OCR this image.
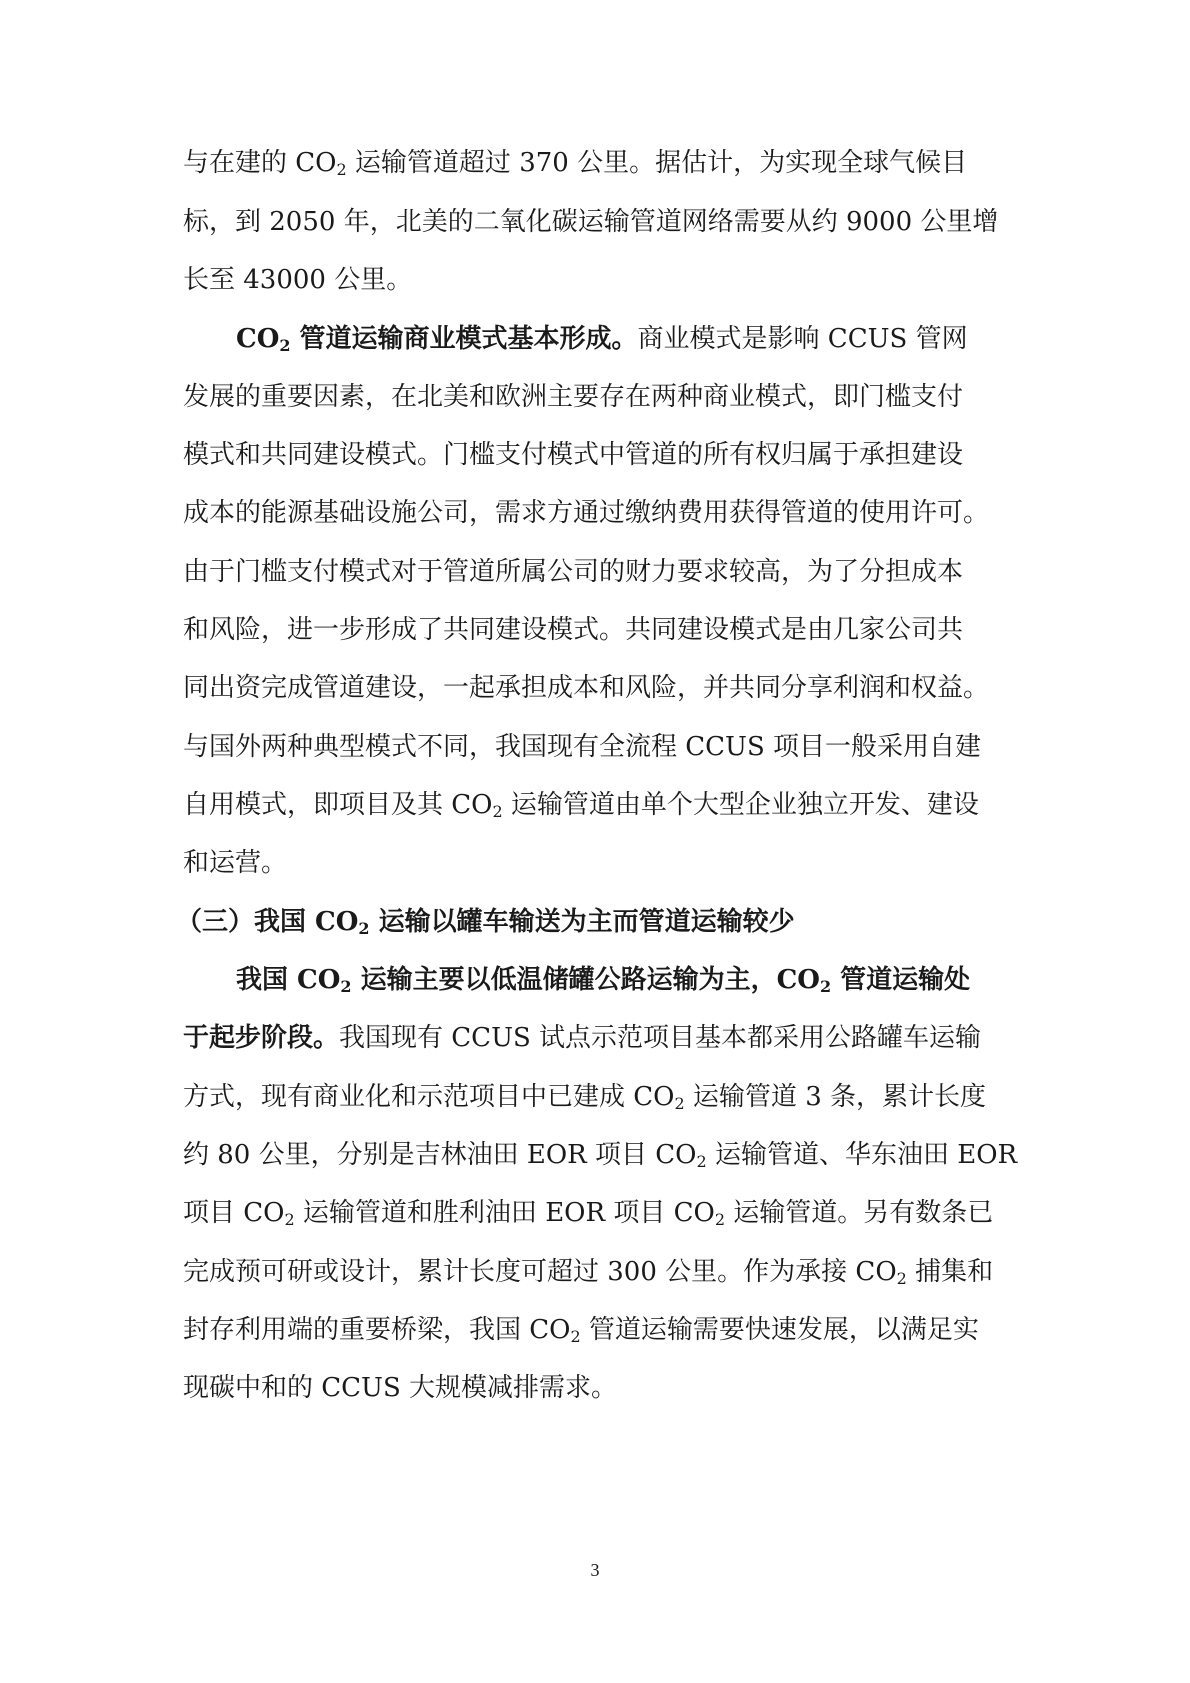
与在建的 $CO_2$ 运输管道超过 370 公里。据估计，为实现全球气候目
标，到 2050 年，北美的二氧化碳运输管道网络需要从约 9000 公里增
长至 43000 公里。
$CO_2$ 管道运输商业模式基本形成。商业模式是影响 CCUS 管网
发展的重要因素，在北美和欧洲主要存在两种商业模式，即门槛支付
模式和共同建设模式。门槛支付模式中管道的所有权归属于承担建设
成本的能源基础设施公司，需求方通过缴纳费用获得管道的使用许可。
由于门槛支付模式对于管道所属公司的财力要求较高，为了分担成本
和风险，进一步形成了共同建设模式。共同建设模式是由几家公司共
同出资完成管道建设，一起承担成本和风险，并共同分享利润和权益。
与国外两种典型模式不同，我国现有全流程 CCUS 项目一般采用自建
自用模式，即项目及其 $CO_2$ 运输管道由单个大型企业独立开发、建设
和运营。
（三）我国 $CO_2$ 运输以罐车输送为主而管道运输较少
我国 $CO_2$ 运输主要以低温储罐公路运输为主，$CO_2$ 管道运输处
于起步阶段。我国现有 CCUS 试点示范项目基本都采用公路罐车运输
方式，现有商业化和示范项目中已建成 $CO_2$ 运输管道 3 条，累计长度
约 80 公里，分别是吉林油田 EOR 项目 $CO_2$ 运输管道、华东油田 EOR
项目 $CO_2$ 运输管道和胜利油田 EOR 项目 $CO_2$ 运输管道。另有数条已
完成预可研或设计，累计长度可超过 300 公里。作为承接 $CO_2$ 捕集和
封存利用端的重要桥梁，我国 $CO_2$ 管道运输需要快速发展，以满足实
现碳中和的 CCUS 大规模减排需求。
3
